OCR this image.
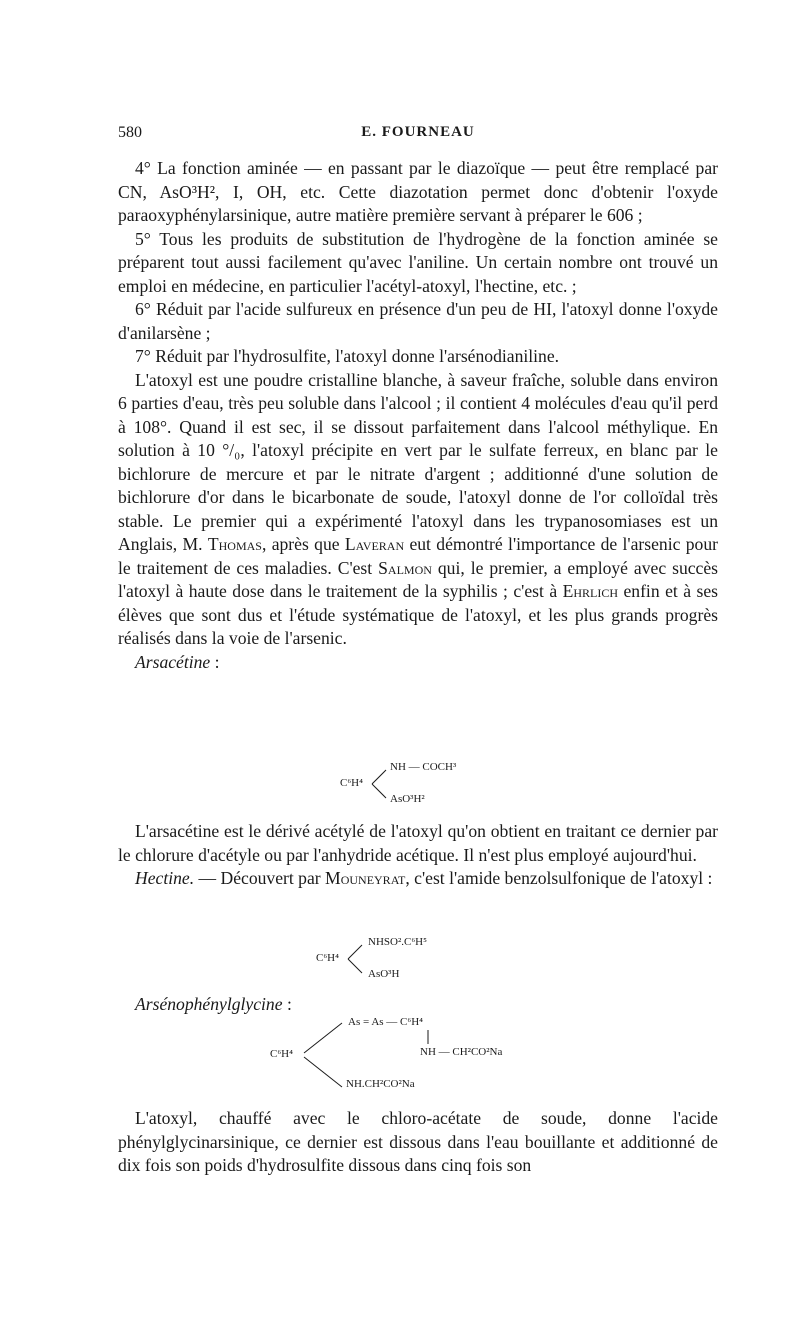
580	E. FOURNEAU

4° La fonction aminée — en passant par le diazoïque — peut être remplacé par CN, AsO³H², I, OH, etc. Cette diazotation permet donc d'obtenir l'oxyde paraoxyphénylarsinique, autre matière première servant à préparer le 606 ;

5° Tous les produits de substitution de l'hydrogène de la fonction aminée se préparent tout aussi facilement qu'avec l'aniline. Un certain nombre ont trouvé un emploi en médecine, en particulier l'acétyl-atoxyl, l'hectine, etc. ;

6° Réduit par l'acide sulfureux en présence d'un peu de HI, l'atoxyl donne l'oxyde d'anilarsène ;

7° Réduit par l'hydrosulfite, l'atoxyl donne l'arsénodianiline.

L'atoxyl est une poudre cristalline blanche, à saveur fraîche, soluble dans environ 6 parties d'eau, très peu soluble dans l'alcool ; il contient 4 molécules d'eau qu'il perd à 108°. Quand il est sec, il se dissout parfaitement dans l'alcool méthylique. En solution à 10 °/₀, l'atoxyl précipite en vert par le sulfate ferreux, en blanc par le bichlorure de mercure et par le nitrate d'argent ; additionné d'une solution de bichlorure d'or dans le bicarbonate de soude, l'atoxyl donne de l'or colloïdal très stable. Le premier qui a expérimenté l'atoxyl dans les trypanosomiases est un Anglais, M. Thomas, après que Laveran eut démontré l'importance de l'arsenic pour le traitement de ces maladies. C'est Salmon qui, le premier, a employé avec succès l'atoxyl à haute dose dans le traitement de la syphilis ; c'est à Ehrlich enfin et à ses élèves que sont dus et l'étude systématique de l'atoxyl, et les plus grands progrès réalisés dans la voie de l'arsenic.

Arsacétine :

C⁶H⁴
NH — COCH³
AsO³H²

L'arsacétine est le dérivé acétylé de l'atoxyl qu'on obtient en traitant ce dernier par le chlorure d'acétyle ou par l'anhydride acétique. Il n'est plus employé aujourd'hui.

Hectine. — Découvert par Mouneyrat, c'est l'amide benzolsulfonique de l'atoxyl :

C⁶H⁴
NHSO².C⁶H⁵
AsO³H

Arsénophénylglycine :

C⁶H⁴
As = As — C⁶H⁴
NH — CH²CO²Na
NH.CH²CO²Na

L'atoxyl, chauffé avec le chloro-acétate de soude, donne l'acide phénylglycinarsinique, ce dernier est dissous dans l'eau bouillante et additionné de dix fois son poids d'hydrosulfite dissous dans cinq fois son
